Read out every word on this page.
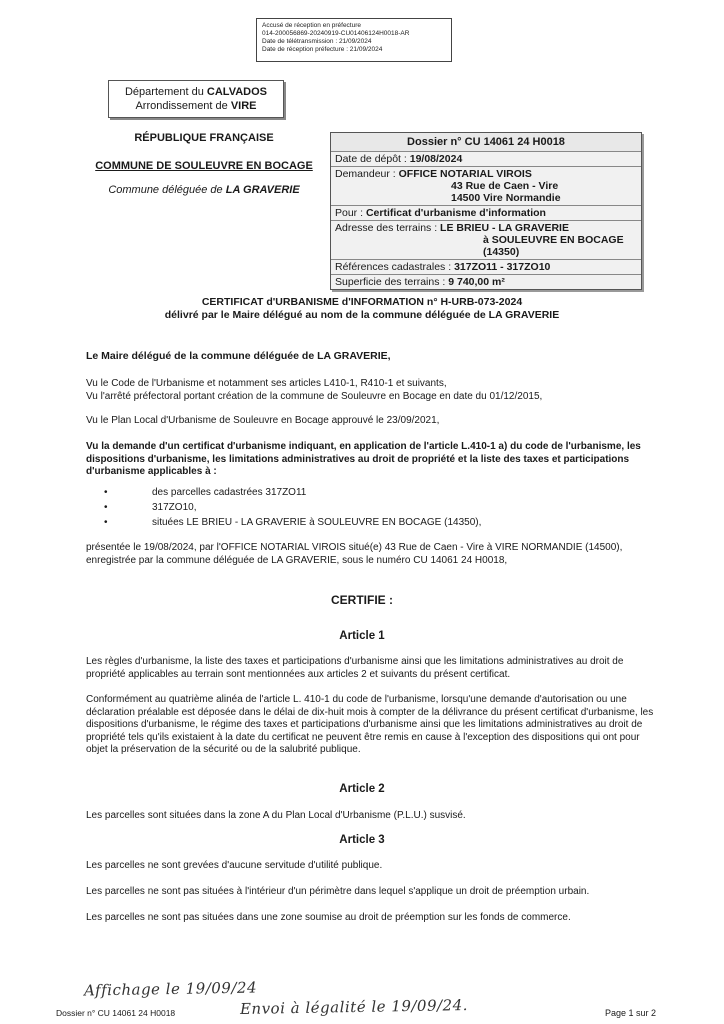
Accusé de réception en préfecture
014-200056869-20240919-CU01406124H0018-AR
Date de télétransmission : 21/09/2024
Date de réception préfecture : 21/09/2024
Département du CALVADOS
Arrondissement de VIRE
RÉPUBLIQUE FRANÇAISE
COMMUNE DE SOULEUVRE EN BOCAGE
Commune déléguée de LA GRAVERIE
Dossier n° CU 14061 24 H0018
Date de dépôt : 19/08/2024
Demandeur : OFFICE NOTARIAL VIROIS
43 Rue de Caen - Vire
14500 Vire Normandie
Pour : Certificat d'urbanisme d'information
Adresse des terrains : LE BRIEU - LA GRAVERIE
à SOULEUVRE EN BOCAGE (14350)
Références cadastrales : 317ZO11 - 317ZO10
Superficie des terrains : 9 740,00 m²
CERTIFICAT d'URBANISME d'INFORMATION n° H-URB-073-2024
délivré par le Maire délégué au nom de la commune déléguée de LA GRAVERIE
Le Maire délégué de la commune déléguée de LA GRAVERIE,
Vu le Code de l'Urbanisme et notamment ses articles L410-1, R410-1 et suivants,
Vu l'arrêté préfectoral portant création de la commune de Souleuvre en Bocage en date du 01/12/2015,
Vu le Plan Local d'Urbanisme de Souleuvre en Bocage approuvé le 23/09/2021,
Vu la demande d'un certificat d'urbanisme indiquant, en application de l'article L.410-1 a) du code de l'urbanisme, les dispositions d'urbanisme, les limitations administratives au droit de propriété et la liste des taxes et participations d'urbanisme applicables à :
•	des parcelles cadastrées 317ZO11
•	317ZO10,
•	situées LE BRIEU - LA GRAVERIE à SOULEUVRE EN BOCAGE (14350),
présentée le 19/08/2024, par l'OFFICE NOTARIAL VIROIS situé(e) 43 Rue de Caen - Vire à VIRE NORMANDIE (14500), enregistrée par la commune déléguée de LA GRAVERIE, sous le numéro CU 14061 24 H0018,
CERTIFIE :
Article 1
Les règles d'urbanisme, la liste des taxes et participations d'urbanisme ainsi que les limitations administratives au droit de propriété applicables au terrain sont mentionnées aux articles 2 et suivants du présent certificat.
Conformément au quatrième alinéa de l'article L. 410-1 du code de l'urbanisme, lorsqu'une demande d'autorisation ou une déclaration préalable est déposée dans le délai de dix-huit mois à compter de la délivrance du présent certificat d'urbanisme, les dispositions d'urbanisme, le régime des taxes et participations d'urbanisme ainsi que les limitations administratives au droit de propriété tels qu'ils existaient à la date du certificat ne peuvent être remis en cause à l'exception des dispositions qui ont pour objet la préservation de la sécurité ou de la salubrité publique.
Article 2
Les parcelles sont situées dans la zone A du Plan Local d'Urbanisme (P.L.U.) susvisé.
Article 3
Les parcelles ne sont grevées d'aucune servitude d'utilité publique.
Les parcelles ne sont pas situées à l'intérieur d'un périmètre dans lequel s'applique un droit de préemption urbain.
Les parcelles ne sont pas situées dans une zone soumise au droit de préemption sur les fonds de commerce.
Affichage le 19/09/24
Envoi à légalité le 19/09/24.
Dossier n° CU 14061 24 H0018	Page 1 sur 2
